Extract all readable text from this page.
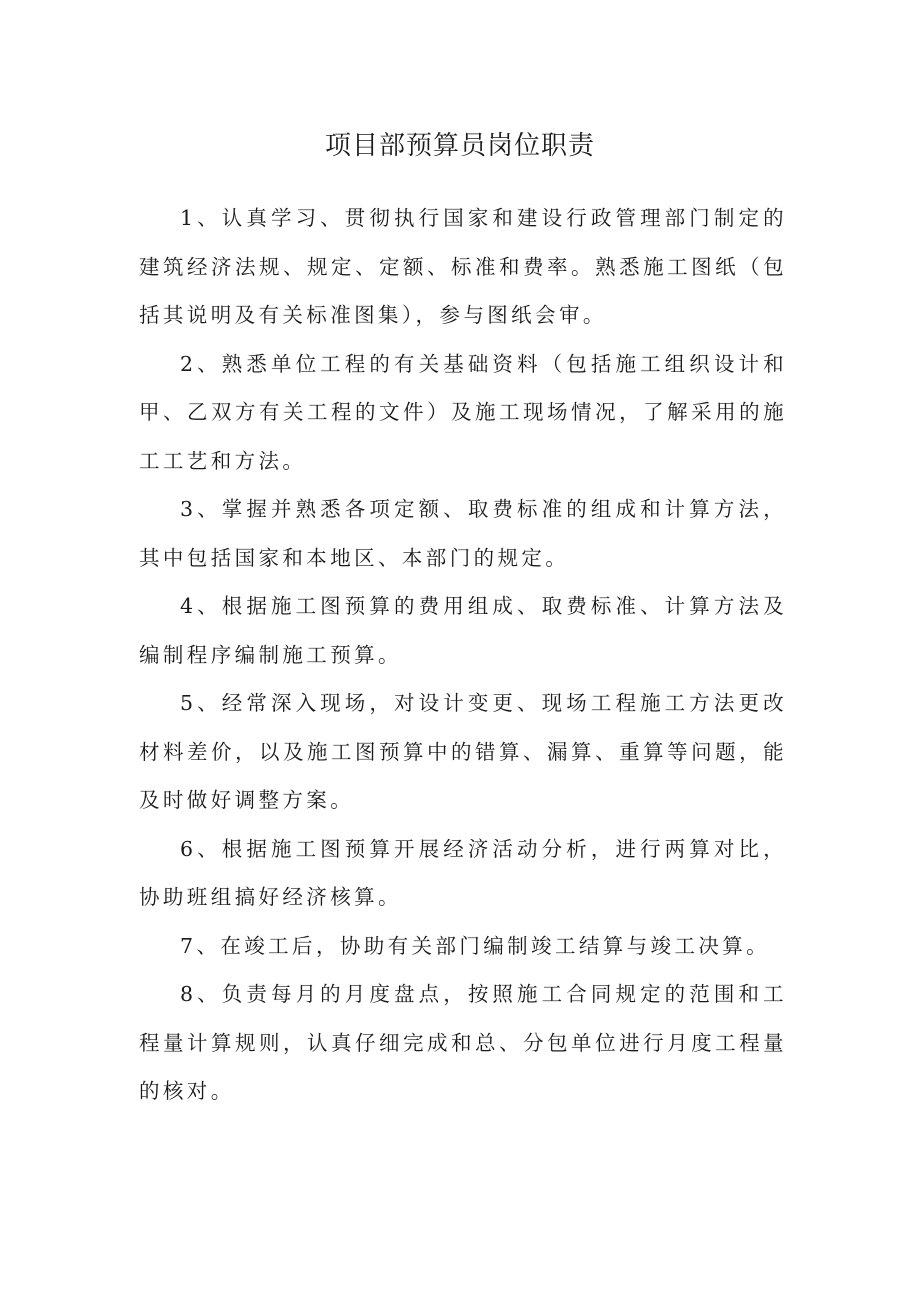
项目部预算员岗位职责

1、认真学习、贯彻执行国家和建设行政管理部门制定的建筑经济法规、规定、定额、标准和费率。熟悉施工图纸（包括其说明及有关标准图集），参与图纸会审。

2、熟悉单位工程的有关基础资料（包括施工组织设计和甲、乙双方有关工程的文件）及施工现场情况，了解采用的施工工艺和方法。

3、掌握并熟悉各项定额、取费标准的组成和计算方法，其中包括国家和本地区、本部门的规定。

4、根据施工图预算的费用组成、取费标准、计算方法及编制程序编制施工预算。

5、经常深入现场，对设计变更、现场工程施工方法更改材料差价，以及施工图预算中的错算、漏算、重算等问题，能及时做好调整方案。

6、根据施工图预算开展经济活动分析，进行两算对比，协助班组搞好经济核算。

7、在竣工后，协助有关部门编制竣工结算与竣工决算。

8、负责每月的月度盘点，按照施工合同规定的范围和工程量计算规则，认真仔细完成和总、分包单位进行月度工程量的核对。
